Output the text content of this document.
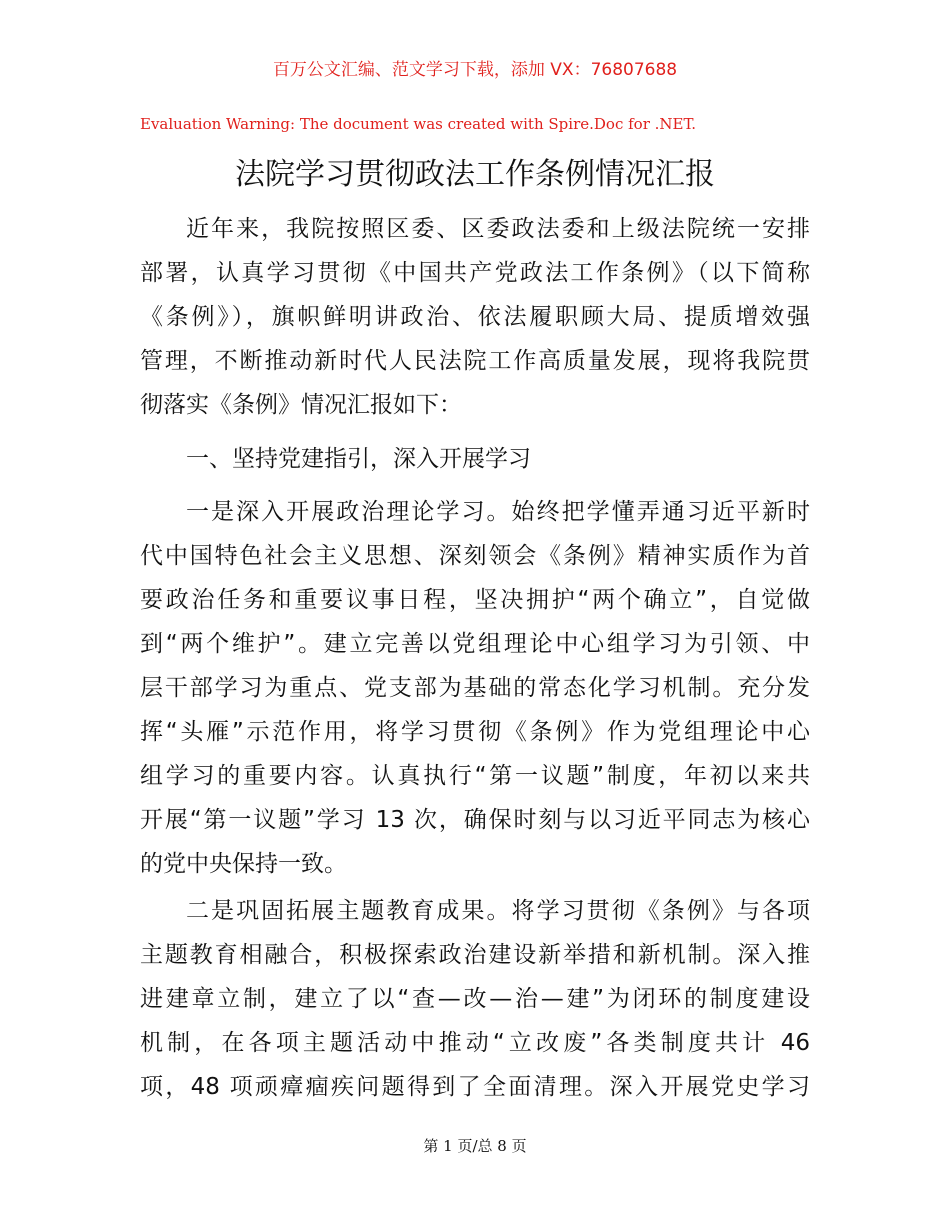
百万公文汇编、范文学习下载，添加 VX：76807688
Evaluation Warning: The document was created with Spire.Doc for .NET.
法院学习贯彻政法工作条例情况汇报
近年来，我院按照区委、区委政法委和上级法院统一安排
部署，认真学习贯彻《中国共产党政法工作条例》（以下简称
《条例》），旗帜鲜明讲政治、依法履职顾大局、提质增效强
管理，不断推动新时代人民法院工作高质量发展，现将我院贯
彻落实《条例》情况汇报如下：
一、坚持党建指引，深入开展学习
一是深入开展政治理论学习。始终把学懂弄通习近平新时
代中国特色社会主义思想、深刻领会《条例》精神实质作为首
要政治任务和重要议事日程，坚决拥护“两个确立”，自觉做
到“两个维护”。建立完善以党组理论中心组学习为引领、中
层干部学习为重点、党支部为基础的常态化学习机制。充分发
挥“头雁”示范作用，将学习贯彻《条例》作为党组理论中心
组学习的重要内容。认真执行“第一议题”制度，年初以来共
开展“第一议题”学习 13 次，确保时刻与以习近平同志为核心
的党中央保持一致。
二是巩固拓展主题教育成果。将学习贯彻《条例》与各项
主题教育相融合，积极探索政治建设新举措和新机制。深入推
进建章立制，建立了以“查—改—治—建”为闭环的制度建设
机制，在各项主题活动中推动“立改废”各类制度共计 46
项，48 项顽瘴痼疾问题得到了全面清理。深入开展党史学习
第 1 页/总 8 页
